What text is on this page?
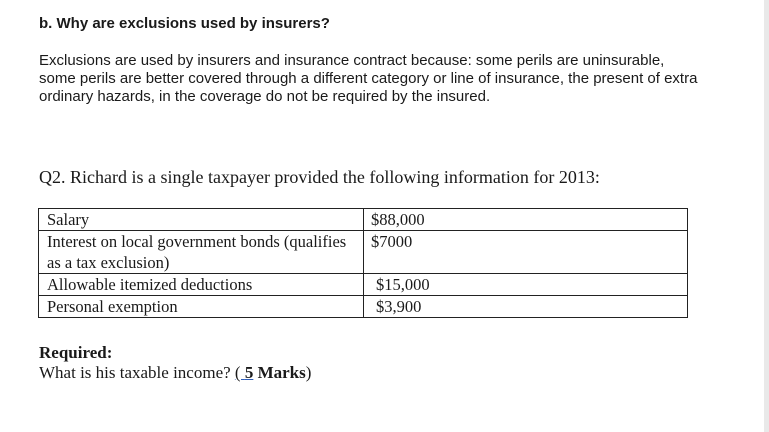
b. Why are exclusions used by insurers?

Exclusions are used by insurers and insurance contract because: some perils are uninsurable, some perils are better covered through a different category or line of insurance, the present of extra ordinary hazards, in the coverage do not be required by the insured.

Q2. Richard is a single taxpayer provided the following information for 2013:

Salary	$88,000
Interest on local government bonds (qualifies as a tax exclusion)	$7000
Allowable itemized deductions	$15,000
Personal exemption	$3,900

Required:

What is his taxable income? ( 5 Marks)
